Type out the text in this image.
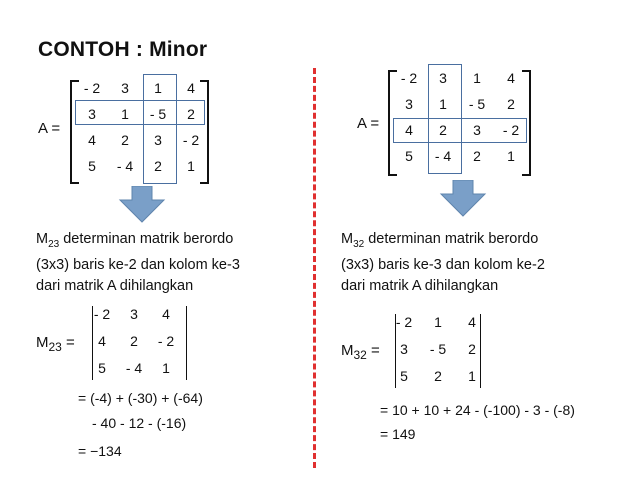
CONTOH : Minor
A =
- 2	3	1	4
3	1	- 5	2
4	2	3	- 2
5	- 4	2	1
$M_{23}$ determinan matrik berordo
(3x3) baris ke-2 dan kolom ke-3
dari matrik A dihilangkan
$M_{23}$ =
- 2	3	4
4	2	- 2
5	- 4	1
= (-4) + (-30) + (-64)
- 40 - 12 - (-16)
= −134
A =
- 2	3	1	4
3	1	- 5	2
4	2	3	- 2
5	- 4	2	1
$M_{32}$ determinan matrik berordo
(3x3) baris ke-3 dan kolom ke-2
dari matrik A dihilangkan
$M_{32}$ =
- 2	1	4
3	- 5	2
5	2	1
= 10 + 10 + 24 - (-100) - 3 - (-8)
= 149
